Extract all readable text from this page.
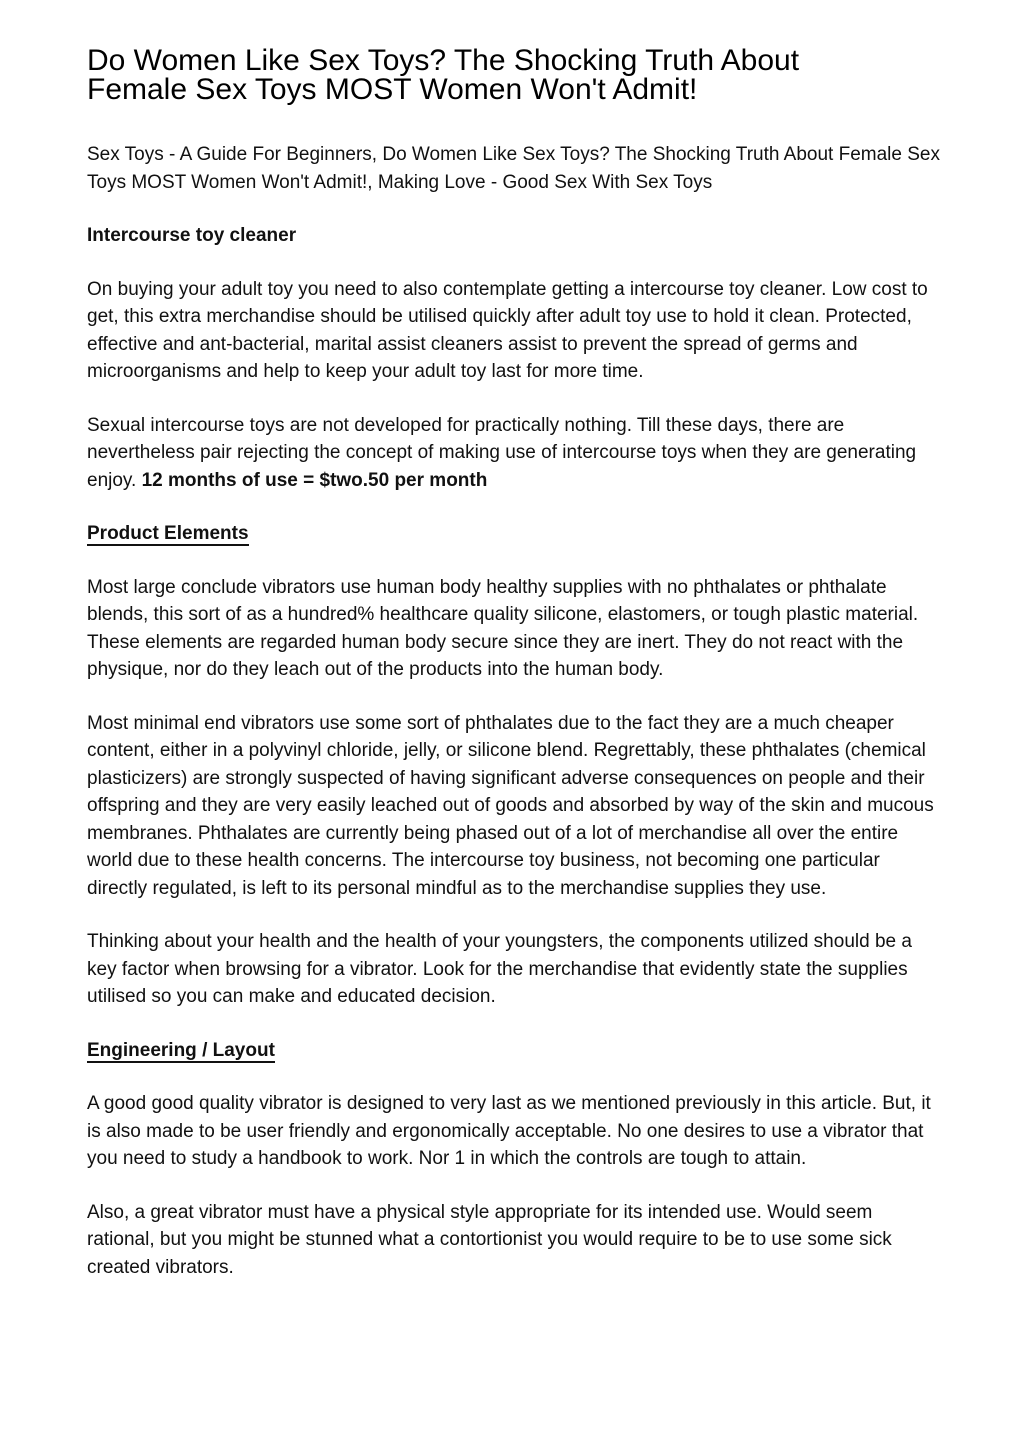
Do Women Like Sex Toys? The Shocking Truth About
Female Sex Toys MOST Women Won't Admit!

Sex Toys - A Guide For Beginners, Do Women Like Sex Toys? The Shocking Truth About Female Sex Toys MOST Women Won't Admit!, Making Love - Good Sex With Sex Toys

Intercourse toy cleaner

On buying your adult toy you need to also contemplate getting a intercourse toy cleaner. Low cost to get, this extra merchandise should be utilised quickly after adult toy use to hold it clean. Protected, effective and ant-bacterial, marital assist cleaners assist to prevent the spread of germs and microorganisms and help to keep your adult toy last for more time.

Sexual intercourse toys are not developed for practically nothing. Till these days, there are nevertheless pair rejecting the concept of making use of intercourse toys when they are generating enjoy. 12 months of use = $two.50 per month

Product Elements

Most large conclude vibrators use human body healthy supplies with no phthalates or phthalate blends, this sort of as a hundred% healthcare quality silicone, elastomers, or tough plastic material. These elements are regarded human body secure since they are inert. They do not react with the physique, nor do they leach out of the products into the human body.

Most minimal end vibrators use some sort of phthalates due to the fact they are a much cheaper content, either in a polyvinyl chloride, jelly, or silicone blend. Regrettably, these phthalates (chemical plasticizers) are strongly suspected of having significant adverse consequences on people and their offspring and they are very easily leached out of goods and absorbed by way of the skin and mucous membranes. Phthalates are currently being phased out of a lot of merchandise all over the entire world due to these health concerns. The intercourse toy business, not becoming one particular directly regulated, is left to its personal mindful as to the merchandise supplies they use.

Thinking about your health and the health of your youngsters, the components utilized should be a key factor when browsing for a vibrator. Look for the merchandise that evidently state the supplies utilised so you can make and educated decision.

Engineering / Layout

A good good quality vibrator is designed to very last as we mentioned previously in this article. But, it is also made to be user friendly and ergonomically acceptable. No one desires to use a vibrator that you need to study a handbook to work. Nor 1 in which the controls are tough to attain.

Also, a great vibrator must have a physical style appropriate for its intended use. Would seem rational, but you might be stunned what a contortionist you would require to be to use some sick created vibrators.
